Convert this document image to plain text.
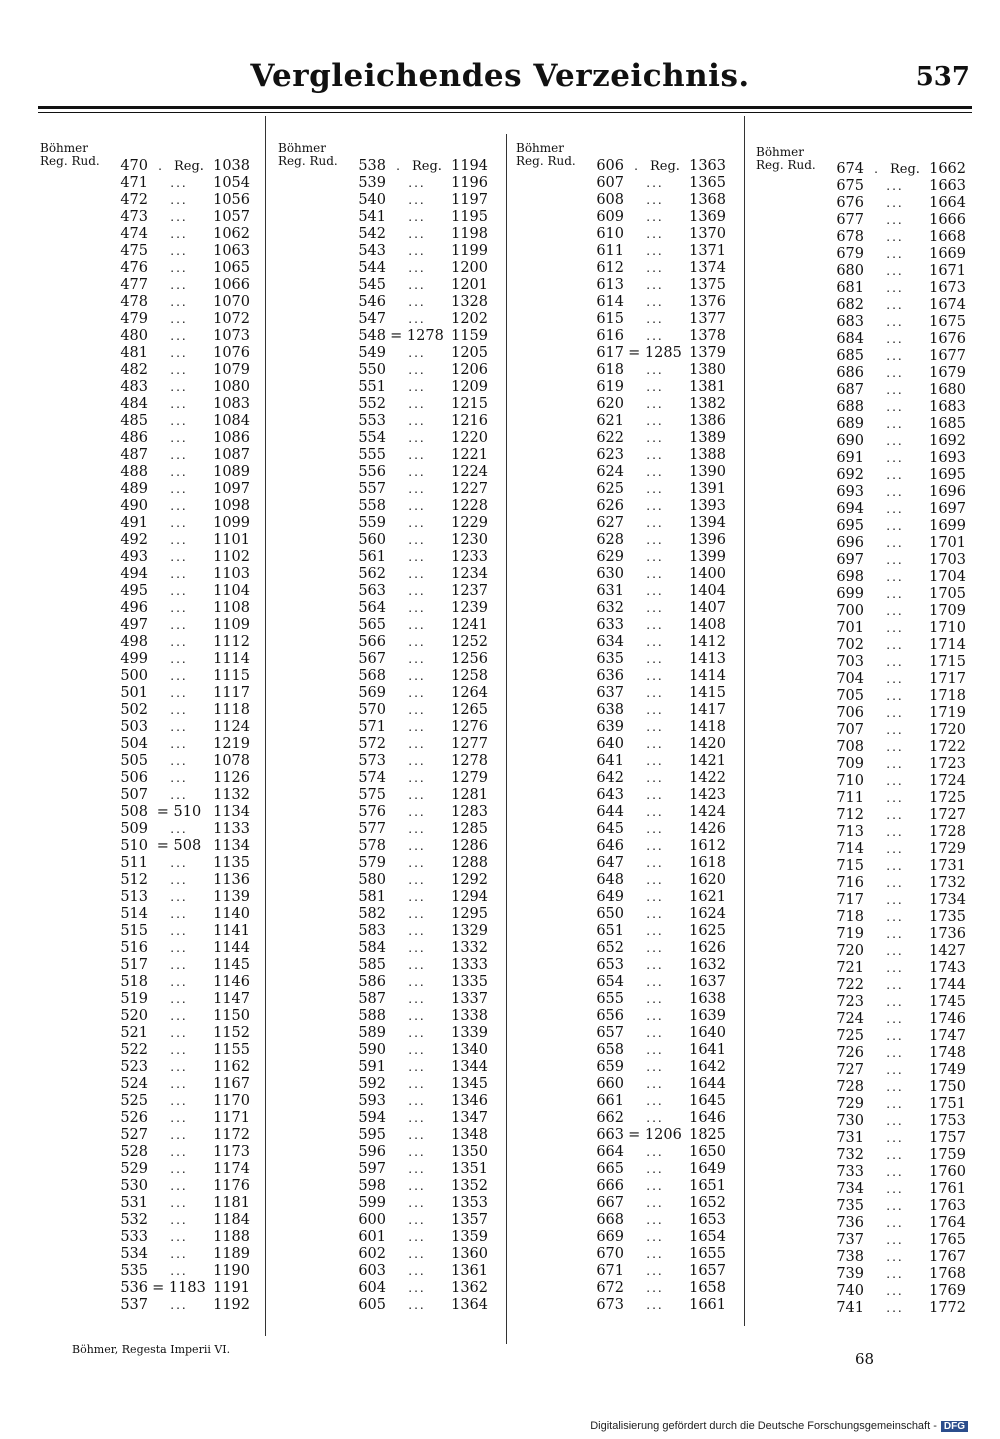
Vergleichendes Verzeichnis.	537
Böhmer
Reg. Rud.
Böhmer
Reg. Rud.
Böhmer
Reg. Rud.
Böhmer
Reg. Rud.
470 . Reg. 1038
471	...	1054
472	...	1056
473	...	1057
474	...	1062
475	...	1063
476	...	1065
477	...	1066
478	...	1070
479	...	1072
480	...	1073
481	...	1076
482	...	1079
483	...	1080
484	...	1083
485	...	1084
486	...	1086
487	...	1087
488	...	1089
489	...	1097
490	...	1098
491	...	1099
492	...	1101
493	...	1102
494	...	1103
495	...	1104
496	...	1108
497	...	1109
498	...	1112
499	...	1114
500	...	1115
501	...	1117
502	...	1118
503	...	1124
504	...	1219
505	...	1078
506	...	1126
507	...	1132
508 = 510 1134
509	...	1133
510 = 508 1134
511	...	1135
512	...	1136
513	...	1139
514	...	1140
515	...	1141
516	...	1144
517	...	1145
518	...	1146
519	...	1147
520	...	1150
521	...	1152
522	...	1155
523	...	1162
524	...	1167
525	...	1170
526	...	1171
527	...	1172
528	...	1173
529	...	1174
530	...	1176
531	...	1181
532	...	1184
533	...	1188
534	...	1189
535	...	1190
536 = 1183 1191
537	...	1192
538 . Reg. 1194
539	...	1196
540	...	1197
541	...	1195
542	...	1198
543	...	1199
544	...	1200
545	...	1201
546	...	1328
547	...	1202
548 = 1278 1159
549	...	1205
550	...	1206
551	...	1209
552	...	1215
553	...	1216
554	...	1220
555	...	1221
556	...	1224
557	...	1227
558	...	1228
559	...	1229
560	...	1230
561	...	1233
562	...	1234
563	...	1237
564	...	1239
565	...	1241
566	...	1252
567	...	1256
568	...	1258
569	...	1264
570	...	1265
571	...	1276
572	...	1277
573	...	1278
574	...	1279
575	...	1281
576	...	1283
577	...	1285
578	...	1286
579	...	1288
580	...	1292
581	...	1294
582	...	1295
583	...	1329
584	...	1332
585	...	1333
586	...	1335
587	...	1337
588	...	1338
589	...	1339
590	...	1340
591	...	1344
592	...	1345
593	...	1346
594	...	1347
595	...	1348
596	...	1350
597	...	1351
598	...	1352
599	...	1353
600	...	1357
601	...	1359
602	...	1360
603	...	1361
604	...	1362
605	...	1364
606 . Reg. 1363
607	...	1365
608	...	1368
609	...	1369
610	...	1370
611	...	1371
612	...	1374
613	...	1375
614	...	1376
615	...	1377
616	...	1378
617 = 1285 1379
618	...	1380
619	...	1381
620	...	1382
621	...	1386
622	...	1389
623	...	1388
624	...	1390
625	...	1391
626	...	1393
627	...	1394
628	...	1396
629	...	1399
630	...	1400
631	...	1404
632	...	1407
633	...	1408
634	...	1412
635	...	1413
636	...	1414
637	...	1415
638	...	1417
639	...	1418
640	...	1420
641	...	1421
642	...	1422
643	...	1423
644	...	1424
645	...	1426
646	...	1612
647	...	1618
648	...	1620
649	...	1621
650	...	1624
651	...	1625
652	...	1626
653	...	1632
654	...	1637
655	...	1638
656	...	1639
657	...	1640
658	...	1641
659	...	1642
660	...	1644
661	...	1645
662	...	1646
663 = 1206 1825
664	...	1650
665	...	1649
666	...	1651
667	...	1652
668	...	1653
669	...	1654
670	...	1655
671	...	1657
672	...	1658
673	...	1661
674 . Reg. 1662
675	...	1663
676	...	1664
677	...	1666
678	...	1668
679	...	1669
680	...	1671
681	...	1673
682	...	1674
683	...	1675
684	...	1676
685	...	1677
686	...	1679
687	...	1680
688	...	1683
689	...	1685
690	...	1692
691	...	1693
692	...	1695
693	...	1696
694	...	1697
695	...	1699
696	...	1701
697	...	1703
698	...	1704
699	...	1705
700	...	1709
701	...	1710
702	...	1714
703	...	1715
704	...	1717
705	...	1718
706	...	1719
707	...	1720
708	...	1722
709	...	1723
710	...	1724
711	...	1725
712	...	1727
713	...	1728
714	...	1729
715	...	1731
716	...	1732
717	...	1734
718	...	1735
719	...	1736
720	...	1427
721	...	1743
722	...	1744
723	...	1745
724	...	1746
725	...	1747
726	...	1748
727	...	1749
728	...	1750
729	...	1751
730	...	1753
731	...	1757
732	...	1759
733	...	1760
734	...	1761
735	...	1763
736	...	1764
737	...	1765
738	...	1767
739	...	1768
740	...	1769
741	...	1772
Böhmer, Regesta Imperii VI.
68
Digitalisierung gefördert durch die Deutsche Forschungsgemeinschaft - DFG
